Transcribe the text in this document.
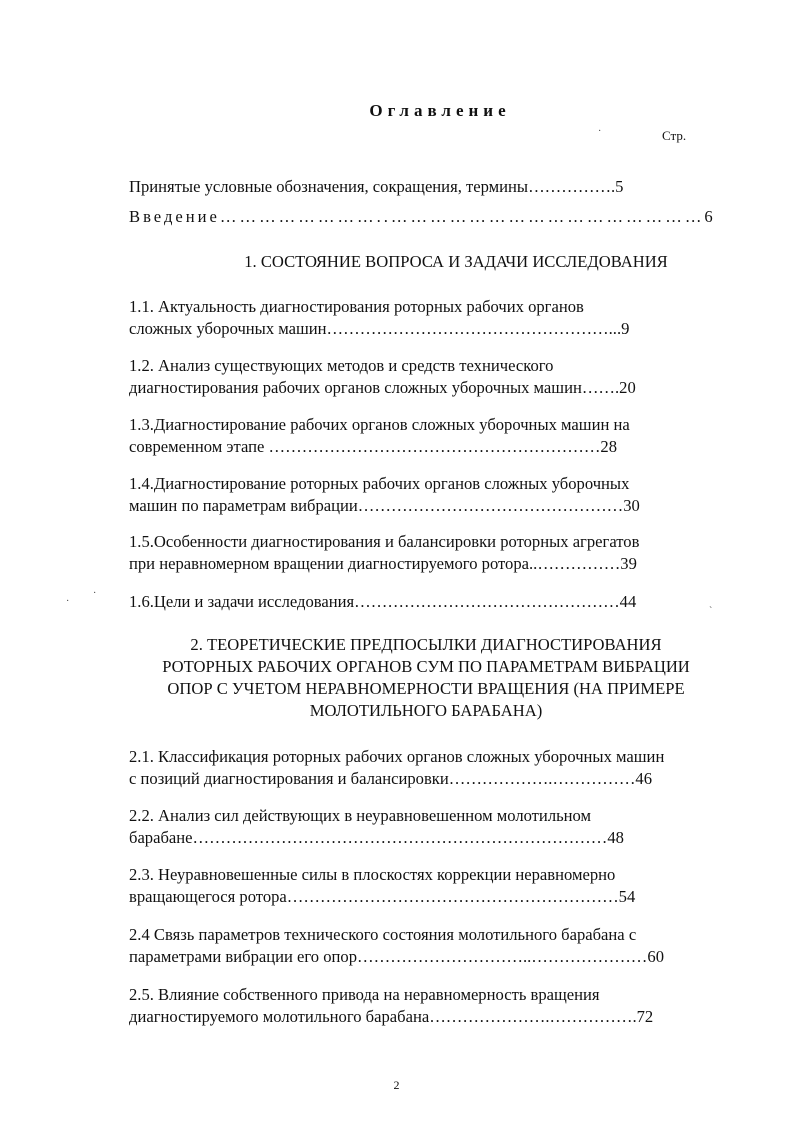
Оглавление
Стр.
Принятые условные обозначения, сокращения, термины…………….5
Введение……………………..…………………………………………6
1. СОСТОЯНИЕ ВОПРОСА И ЗАДАЧИ ИССЛЕДОВАНИЯ
1.1. Актуальность диагностирования роторных рабочих органов
сложных уборочных машин……………………………………………...9
1.2. Анализ существующих методов и средств технического
диагностирования рабочих органов сложных уборочных машин…….20
1.3.Диагностирование рабочих органов сложных уборочных машин на
современном этапе ……………………………………………………28
1.4.Диагностирование роторных рабочих органов сложных уборочных
машин по параметрам вибрации…………………………………………30
1.5.Особенности диагностирования и балансировки роторных агрегатов
при неравномерном вращении диагностируемого ротора..……………39
1.6.Цели и задачи исследования…………………………………………44
2. ТЕОРЕТИЧЕСКИЕ ПРЕДПОСЫЛКИ ДИАГНОСТИРОВАНИЯ
РОТОРНЫХ РАБОЧИХ ОРГАНОВ СУМ ПО ПАРАМЕТРАМ ВИБРАЦИИ
ОПОР С УЧЕТОМ НЕРАВНОМЕРНОСТИ ВРАЩЕНИЯ (НА ПРИМЕРЕ
МОЛОТИЛЬНОГО БАРАБАНА)
2.1. Классификация роторных рабочих органов сложных уборочных машин
с позиций диагностирования и балансировки……………….……………46
2.2. Анализ сил действующих в неуравновешенном молотильном
барабане…………………………………………………………………48
2.3. Неуравновешенные силы в плоскостях коррекции неравномерно
вращающегося ротора……………………………………………………54
2.4 Связь параметров технического состояния молотильного барабана с
параметрами вибрации его опор…………………………..…………………60
2.5. Влияние собственного привода на неравномерность вращения
диагностируемого молотильного барабана………………….…………….72
·
·
·
`
2
